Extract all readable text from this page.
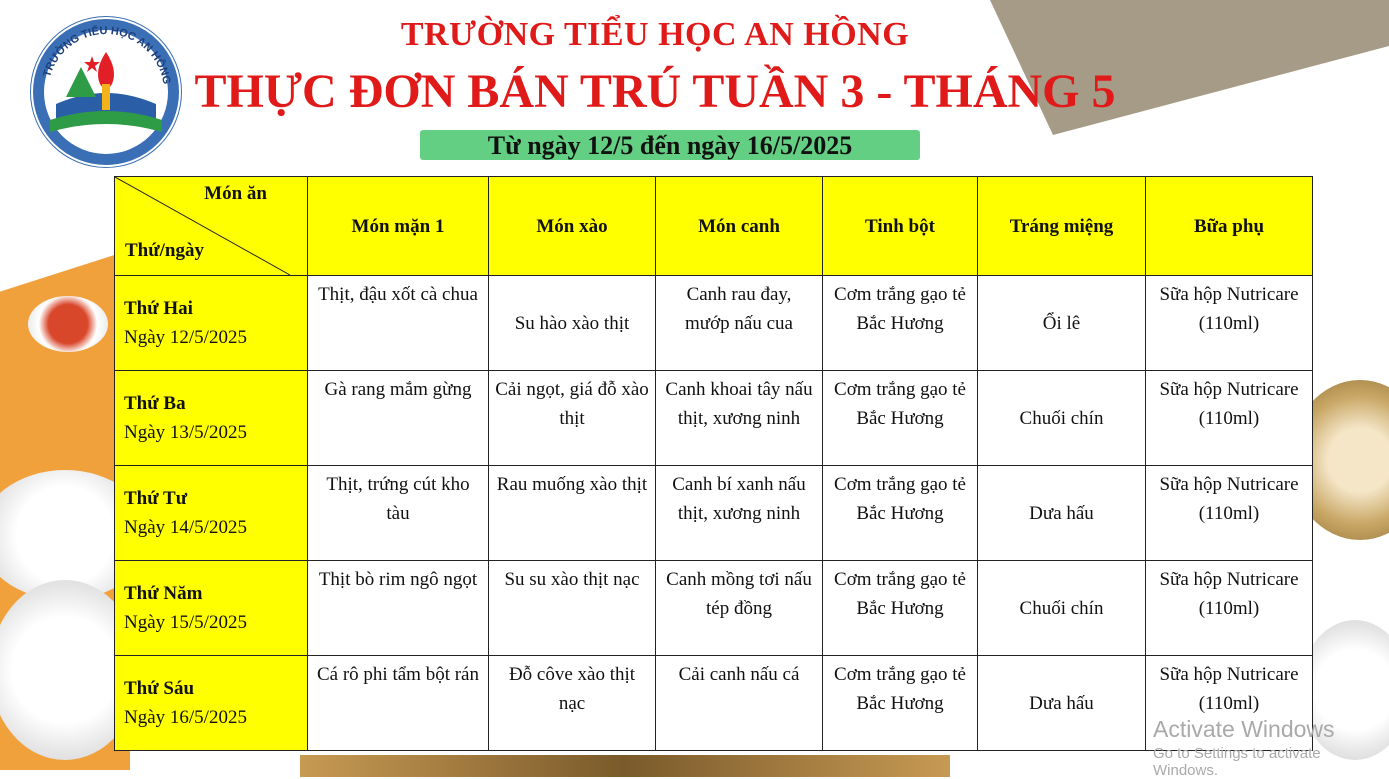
TRƯỜNG TIỂU HỌC AN HỒNG
TRƯỜNG TIỂU HỌC AN HỒNG
THỰC ĐƠN BÁN TRÚ TUẦN 3 - THÁNG 5
Từ ngày 12/5 đến ngày 16/5/2025
Món ăn
Thứ/ngày	Món mặn 1	Món xào	Món canh	Tinh bột	Tráng miệng	Bữa phụ

Thứ Hai
Ngày 12/5/2025	Thịt, đậu xốt cà chua	Su hào xào thịt	Canh rau đay, mướp nấu cua	Cơm trắng gạo tẻ Bắc Hương	Ổi lê	Sữa hộp Nutricare (110ml)

Thứ Ba
Ngày 13/5/2025	Gà rang mắm gừng	Cải ngọt, giá đỗ xào thịt	Canh khoai tây nấu thịt, xương ninh	Cơm trắng gạo tẻ Bắc Hương	Chuối chín	Sữa hộp Nutricare (110ml)

Thứ Tư
Ngày 14/5/2025	Thịt, trứng cút kho tàu	Rau muống xào thịt	Canh bí xanh nấu thịt, xương ninh	Cơm trắng gạo tẻ Bắc Hương	Dưa hấu	Sữa hộp Nutricare (110ml)

Thứ Năm
Ngày 15/5/2025	Thịt bò rim ngô ngọt	Su su xào thịt nạc	Canh mồng tơi nấu tép đồng	Cơm trắng gạo tẻ Bắc Hương	Chuối chín	Sữa hộp Nutricare (110ml)

Thứ Sáu
Ngày 16/5/2025	Cá rô phi tẩm bột rán	Đỗ côve xào thịt nạc	Cải canh nấu cá	Cơm trắng gạo tẻ Bắc Hương	Dưa hấu	Sữa hộp Nutricare (110ml)
Activate Windows
Go to Settings to activate Windows.
